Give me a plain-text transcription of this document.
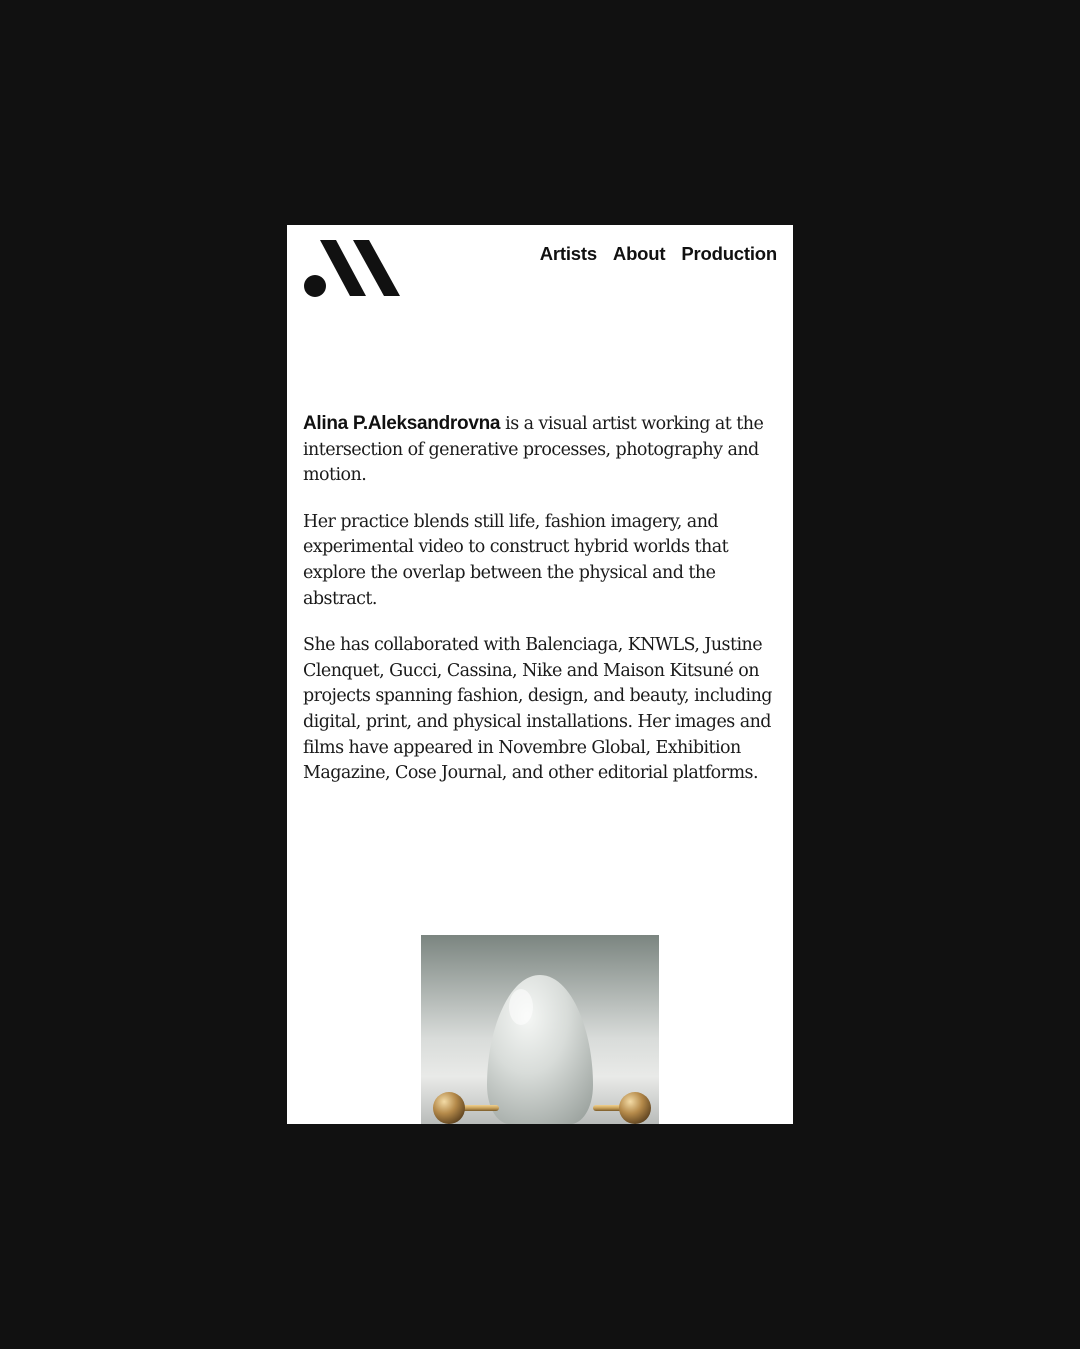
Artists About Production

Alina P.Aleksandrovna is a visual artist working at the intersection of generative processes, photography and motion.

Her practice blends still life, fashion imagery, and experimental video to construct hybrid worlds that explore the overlap between the physical and the abstract.

She has collaborated with Balenciaga, KNWLS, Justine Clenquet, Gucci, Cassina, Nike and Maison Kitsuné on projects spanning fashion, design, and beauty, including digital, print, and physical installations. Her images and films have appeared in Novembre Global, Exhibition Magazine, Cose Journal, and other editorial platforms.
